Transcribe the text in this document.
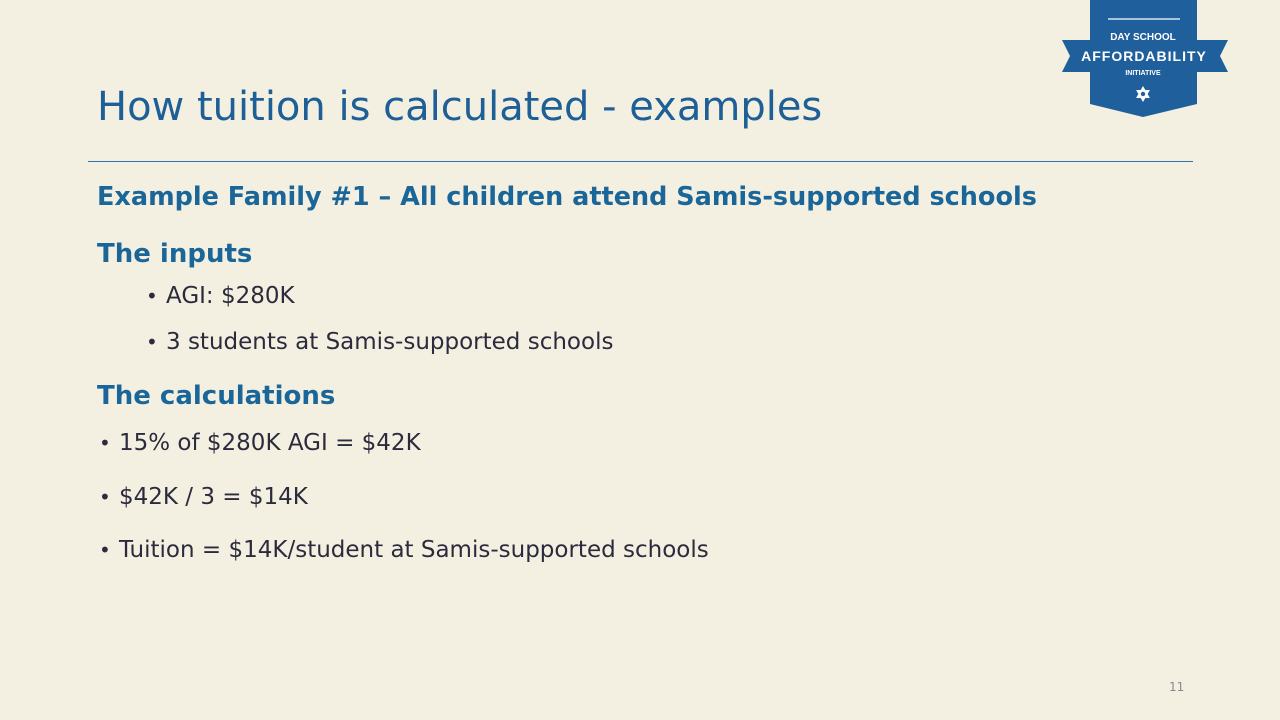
DAY SCHOOL
AFFORDABILITY
INITIATIVE
How tuition is calculated - examples
Example Family #1 – All children attend Samis-supported schools
The inputs
• AGI: $280K
• 3 students at Samis-supported schools
The calculations
• 15% of $280K AGI = $42K
• $42K / 3 = $14K
• Tuition = $14K/student at Samis-supported schools
11
